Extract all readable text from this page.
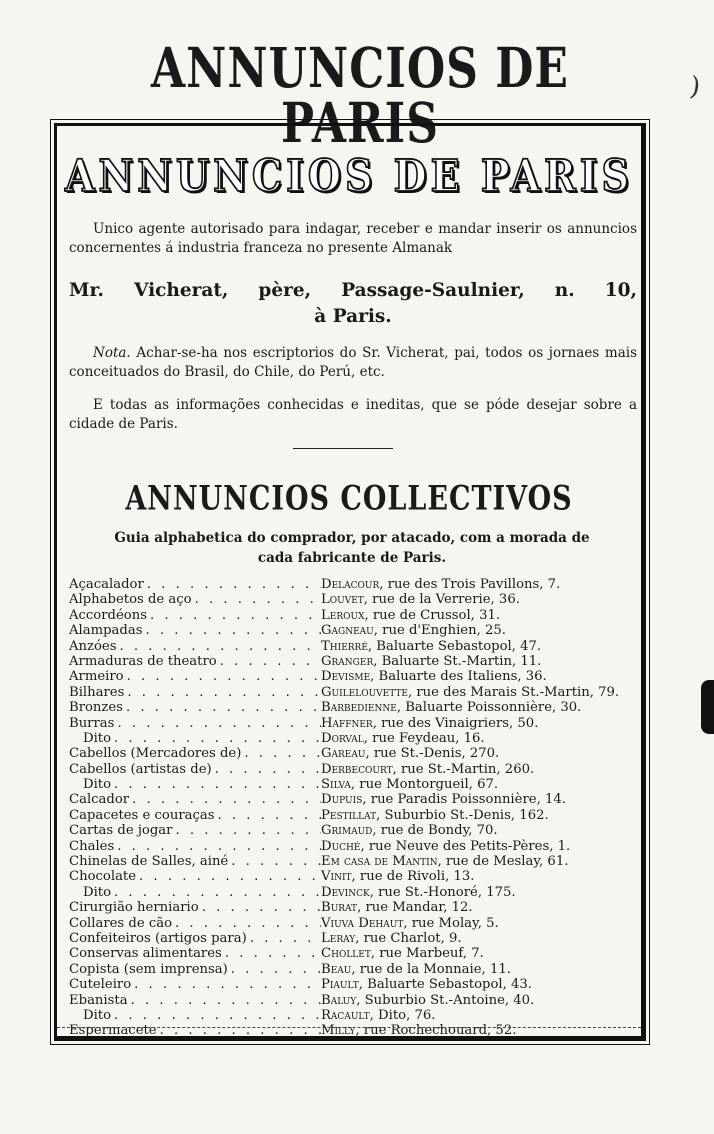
ANNUNCIOS DE PARIS
)
ANNUNCIOS DE PARIS
Unico agente autorisado para indagar, receber e mandar inserir os annuncios concernentes á industria franceza no presente Almanak
Mr. Vicherat, père, Passage-Saulnier, n. 10,
à Paris.
Nota. Achar-se-ha nos escriptorios do Sr. Vicherat, pai, todos os jornaes mais conceituados do Brasil, do Chile, do Perú, etc.
E todas as informações conhecidas e ineditas, que se póde desejar sobre a cidade de Paris.
ANNUNCIOS COLLECTIVOS
Guia alphabetica do comprador, por atacado, com a morada de cada fabricante de Paris.
Açacalador . . .	Delacour, rue des Trois Pavillons, 7.
Alphabetos de aço . . .	Louvet, rue de la Verrerie, 36.
Accordéons . . .	Leroux, rue de Crussol, 31.
Alampadas . . .	Gagneau, rue d'Enghien, 25.
Anzóes . . .	Thierré, Baluarte Sebastopol, 47.
Armaduras de theatro . . .	Granger, Baluarte St.-Martin, 11.
Armeiro . . .	Devisme, Baluarte des Italiens, 36.
Bilhares . . .	Guilelouvette, rue des Marais St.-Martin, 79.
Bronzes . . .	Barbedienne, Baluarte Poissonnière, 30.
Burras . . .	Haffner, rue des Vinaigriers, 50.
Dito . . .	Dorval, rue Feydeau, 16.
Cabellos (Mercadores de) . . .	Gareau, rue St.-Denis, 270.
Cabellos (artistas de) . . .	Derbecourt, rue St.-Martin, 260.
Dito . . .	Silva, rue Montorgueil, 67.
Calcador . . .	Dupuis, rue Paradis Poissonnière, 14.
Capacetes e couraças . . .	Pestillat, Suburbio St.-Denis, 162.
Cartas de jogar . . .	Grimaud, rue de Bondy, 70.
Chales . . .	Duché, rue Neuve des Petits-Pères, 1.
Chinelas de Salles, ainé . . .	Em casa de Mantin, rue de Meslay, 61.
Chocolate . . .	Vinit, rue de Rivoli, 13.
Dito . . .	Devinck, rue St.-Honoré, 175.
Cirurgião herniario . . .	Burat, rue Mandar, 12.
Collares de cão . . .	Viuva Dehaut, rue Molay, 5.
Confeiteiros (artigos para) . . .	Leray, rue Charlot, 9.
Conservas alimentares . . .	Chollet, rue Marbeuf, 7.
Copista (sem imprensa) . . .	Beau, rue de la Monnaie, 11.
Cuteleiro . . .	Piault, Baluarte Sebastopol, 43.
Ebanista . . .	Baluy, Suburbio St.-Antoine, 40.
Dito . . .	Racault, Dito, 76.
Espermacete . . .	Milly, rue Rochechouard, 52.
